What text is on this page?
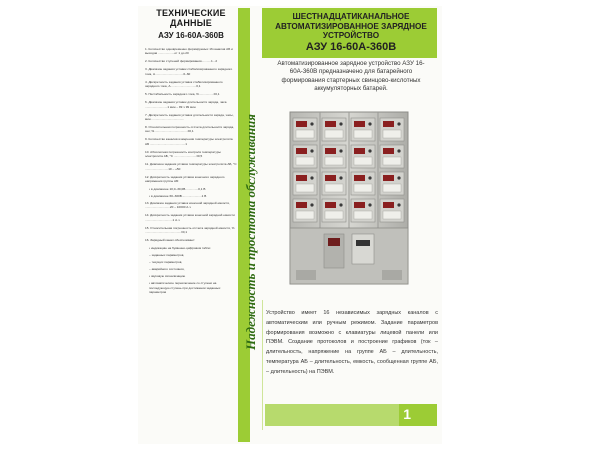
ТЕХНИЧЕСКИЕ ДАННЫЕ
АЗУ 16-60А-360В
1. Количество одновременно формируемых 16 каналов АБ и выходов ...................от 1 до 20
2. Количество ступеней формирования...........1...2
3. Диапазон задания уставок стабилизированного зарядного тока, А.................................0–60
4. Дискретность задания уставок стабилизированного зарядного тока, А..............................0,1
5. Нестабильность зарядного тока, %.................±0,1
6. Диапазон задания уставок длительности заряда, часа ..........................1 мин – 99 ч 99 мин
7. Дискретность задания уставок длительности заряда, часы, мин ......................................
8. Относительная погрешность отсчета длительности заряда, сек; %.......................................±0,1
9. Количество каналов измерения температуры электролита АБ .........................................1
10. Абсолютная погрешность контроля температуры электролита АБ, °С ..........................±0,5
11. Диапазон задания уставок температуры электролита АБ, °С ...........................10 – +50
12. Дискретность задания уставок конечного зарядного напряжения группы АБ:
• в диапазоне 10,0–30,0В...............0,1 В
• в диапазоне 60–300В.......................1 В
13. Диапазон задания уставок конечной зарядной емкости, .............................20 – 10000 А·ч
14. Дискретность задания уставок конечной зарядной емкости ................................1 А·ч
15. Относительная погрешность отсчета зарядной емкости, % ..........................................±0,1
16. Зарядный канал обеспечивает:
• индикацию на буквенно-цифровом табло:
– заданных параметров,
– текущих параметров,
– аварийного состояния,
• звуковую сигнализацию
• автоматическое переключение со ступени на последующую ступень при достижении заданных параметров	Надежность и простота обслуживания
ШЕСТНАДЦАТИКАНАЛЬНОЕ
АВТОМАТИЗИРОВАННОЕ ЗАРЯДНОЕ
УСТРОЙСТВО
АЗУ 16-60А-360В
Автоматизированное зарядное устройство АЗУ 16-60А-360В предназначено для батарейного формирования стартерных свинцово-кислотных аккумуляторных батарей.
Устройство имеет 16 независимых зарядных каналов с автоматическим или ручным режимом. Задание параметров формирования возможно с клавиатуры лицевой панели или ПЭВМ. Создание протоколов и построение графиков (ток – длительность, напряжение на группе АБ – длительность, температура АБ – длительность, емкость, сообщенная группе АБ, – длительность) на ПЭВМ.
1
